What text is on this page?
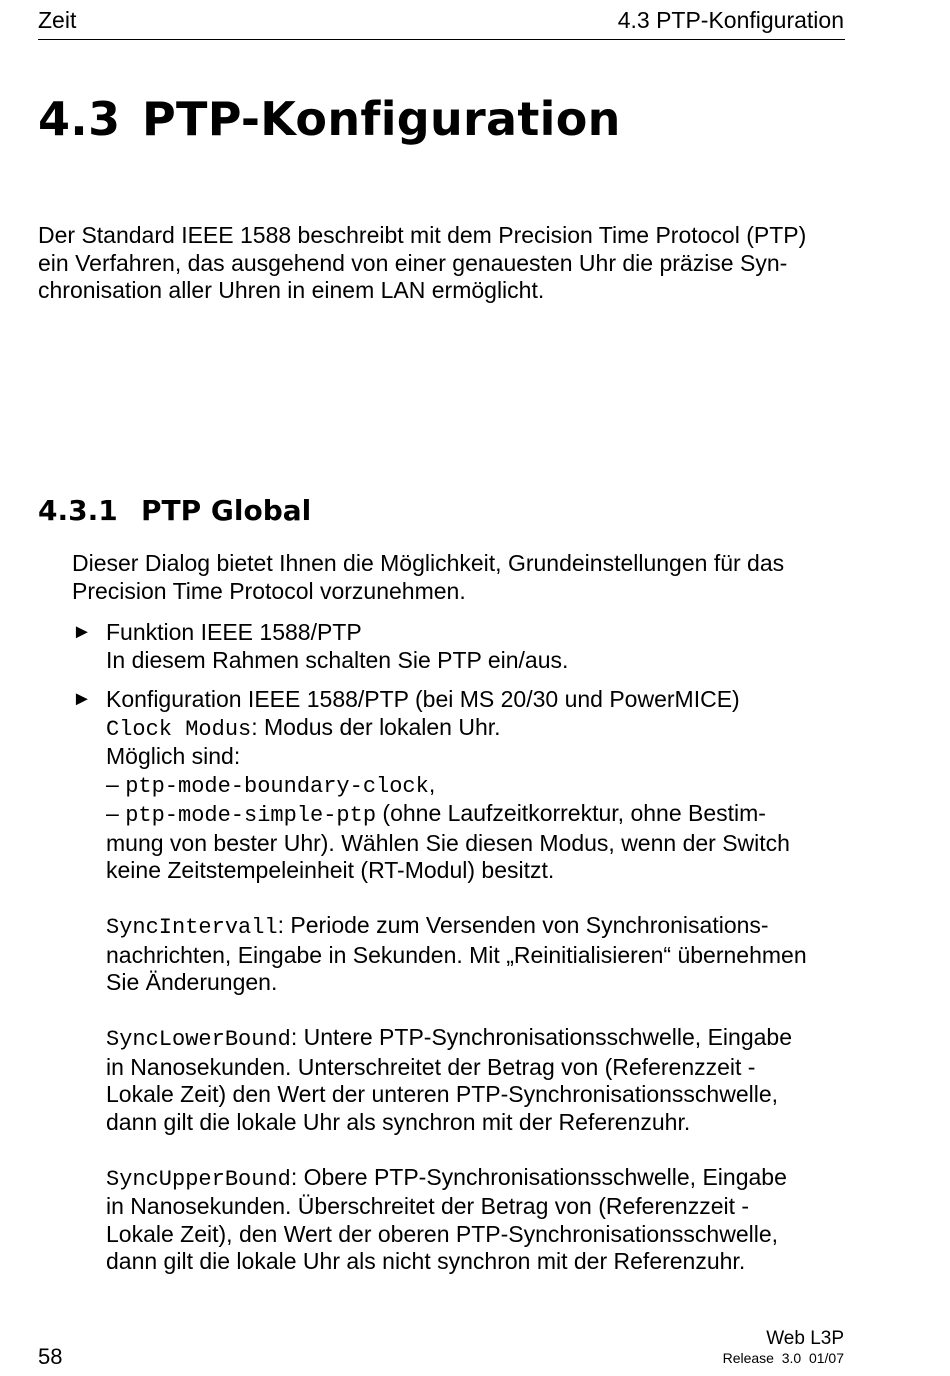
Zeit	4.3 PTP-Konfiguration
4.3 PTP-Konfiguration
Der Standard IEEE 1588 beschreibt mit dem Precision Time Protocol (PTP)
ein Verfahren, das ausgehend von einer genauesten Uhr die präzise Syn-
chronisation aller Uhren in einem LAN ermöglicht.
4.3.1 PTP Global
Dieser Dialog bietet Ihnen die Möglichkeit, Grundeinstellungen für das
Precision Time Protocol vorzunehmen.
► Funktion IEEE 1588/PTP
In diesem Rahmen schalten Sie PTP ein/aus.
► Konfiguration IEEE 1588/PTP (bei MS 20/30 und PowerMICE)
Clock Modus: Modus der lokalen Uhr.
Möglich sind:
– ptp-mode-boundary-clock,
– ptp-mode-simple-ptp (ohne Laufzeitkorrektur, ohne Bestim-
mung von bester Uhr). Wählen Sie diesen Modus, wenn der Switch
keine Zeitstempeleinheit (RT-Modul) besitzt.
SyncIntervall: Periode zum Versenden von Synchronisations-
nachrichten, Eingabe in Sekunden. Mit „Reinitialisieren“ übernehmen
Sie Änderungen.
SyncLowerBound: Untere PTP-Synchronisationsschwelle, Eingabe
in Nanosekunden. Unterschreitet der Betrag von (Referenzzeit -
Lokale Zeit) den Wert der unteren PTP-Synchronisationsschwelle,
dann gilt die lokale Uhr als synchron mit der Referenzuhr.
SyncUpperBound: Obere PTP-Synchronisationsschwelle, Eingabe
in Nanosekunden. Überschreitet der Betrag von (Referenzzeit -
Lokale Zeit), den Wert der oberen PTP-Synchronisationsschwelle,
dann gilt die lokale Uhr als nicht synchron mit der Referenzuhr.
58
Web L3P
Release  3.0  01/07
